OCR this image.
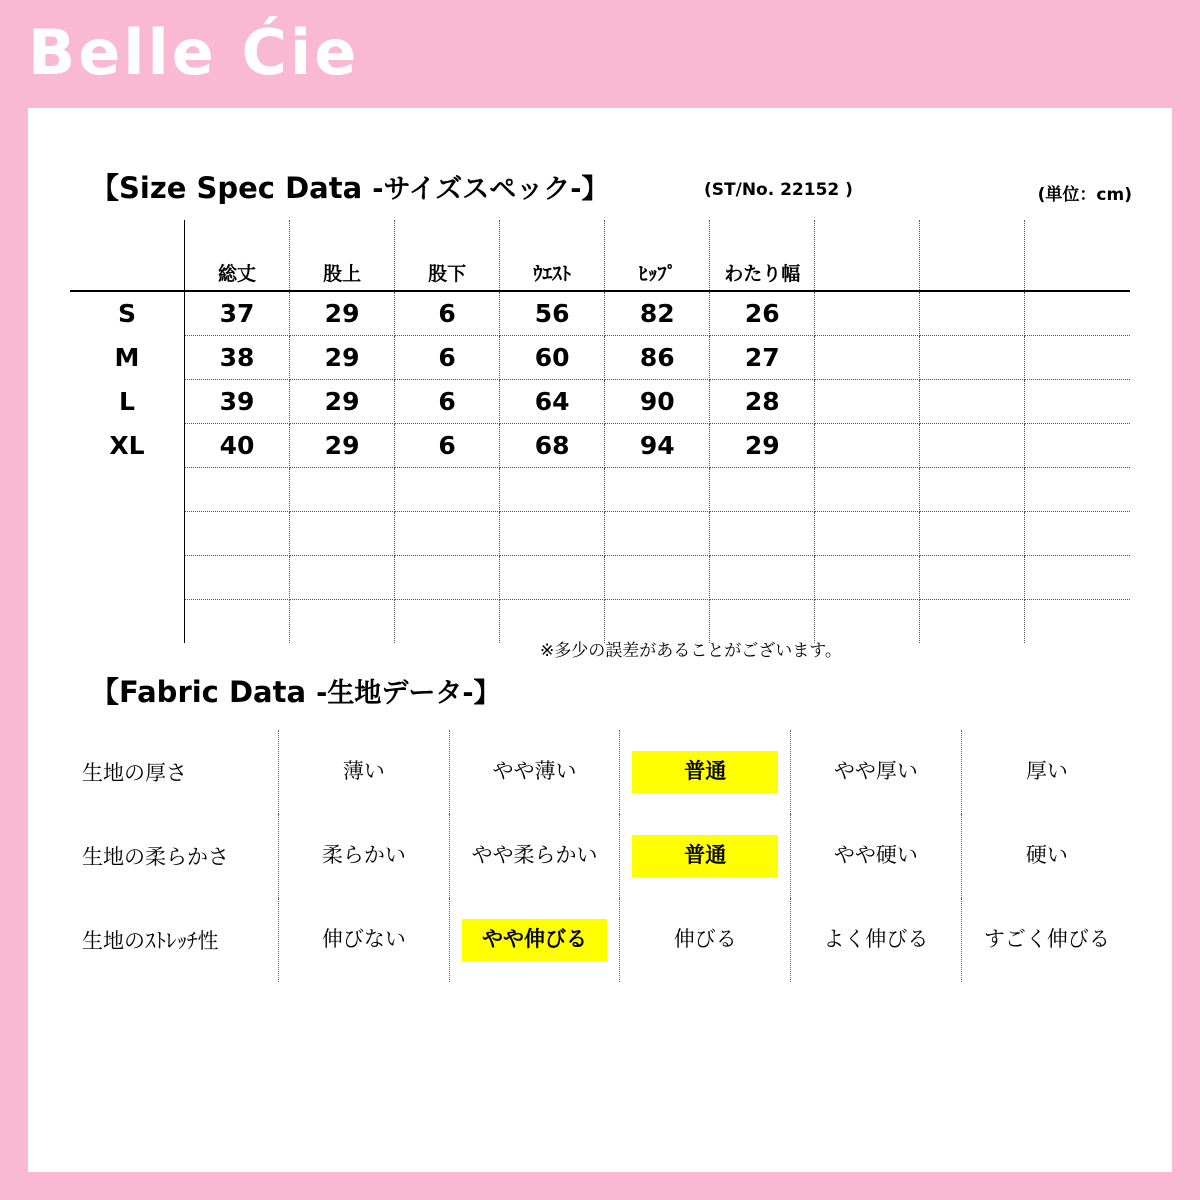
Belle Ćie
【Size Spec Data -サイズスペック-】	(ST/No. 22152 )	(単位：cm)
	総丈	股上	股下	ｳｴｽﾄ	ﾋｯﾌﾟ	わたり幅			
S	37	29	6	56	82	26			
M	38	29	6	60	86	27			
L	39	29	6	64	90	28			
XL	40	29	6	68	94	29			

※多少の誤差があることがございます。
【Fabric Data -生地データ-】
生地の厚さ	薄い	やや薄い	普通	やや厚い	厚い

生地の柔らかさ	柔らかい	やや柔らかい	普通	やや硬い	硬い

生地のｽﾄﾚｯﾁ性	伸びない	やや伸びる	伸びる	よく伸びる	すごく伸びる
